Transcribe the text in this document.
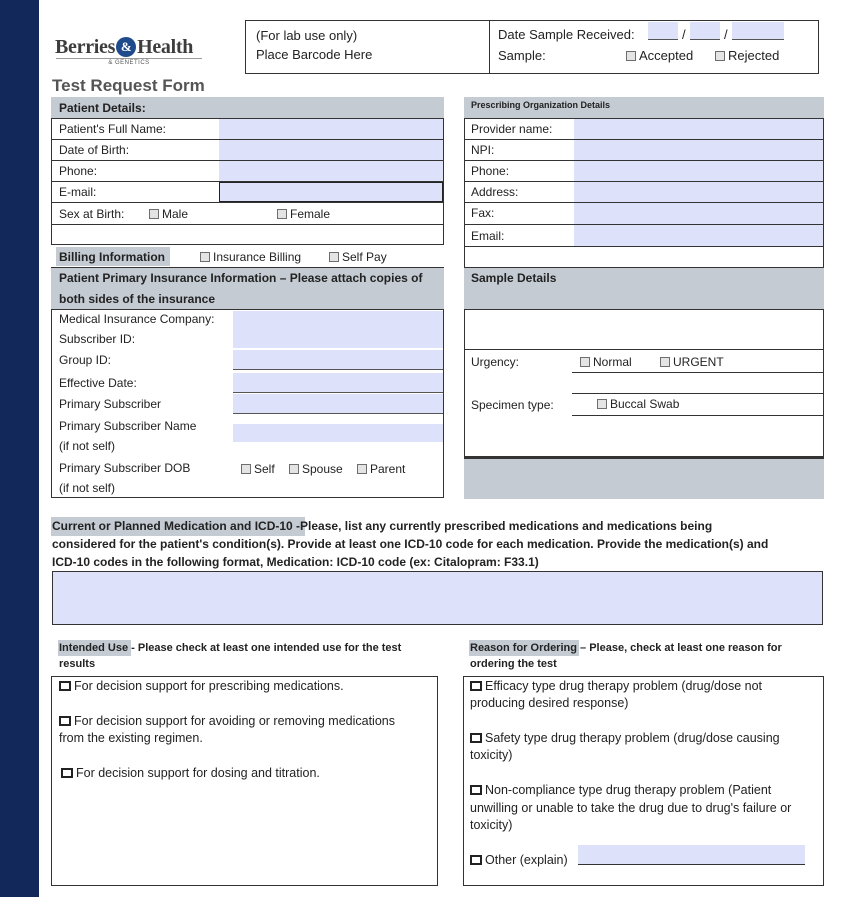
Berries & Health
& GENETICS
Test Request Form
(For lab use only)
Place Barcode Here
Date Sample Received:	/	/
Sample:	Accepted	Rejected
Patient Details:
Patient's Full Name:
Date of Birth:
Phone:
E-mail:
Sex at Birth:	Male	Female
Billing Information	Insurance Billing	Self Pay
Patient Primary Insurance Information – Please attach copies of
both sides of the insurance
Medical Insurance Company:
Subscriber ID:
Group ID:
Effective Date:
Primary Subscriber
Primary Subscriber Name
(if not self)
Primary Subscriber DOB
(if not self)
Self	Spouse	Parent
Prescribing Organization Details
Provider name:
NPI:
Phone:
Address:
Fax:
Email:
Sample Details
Urgency:	Normal	URGENT
Specimen type:	Buccal Swab
Current or Planned Medication and ICD-10 -Please, list any currently prescribed medications and medications being
considered for the patient's condition(s). Provide at least one ICD-10 code for each medication. Provide the medication(s) and
ICD-10 codes in the following format, Medication: ICD-10 code (ex: Citalopram: F33.1)
Intended Use - Please check at least one intended use for the test
results
For decision support for prescribing medications.
For decision support for avoiding or removing medications
from the existing regimen.
For decision support for dosing and titration.
Reason for Ordering – Please, check at least one reason for
ordering the test
Efficacy type drug therapy problem (drug/dose not
producing desired response)
Safety type drug therapy problem (drug/dose causing
toxicity)
Non-compliance type drug therapy problem (Patient
unwilling or unable to take the drug due to drug's failure or
toxicity)
Other (explain)
